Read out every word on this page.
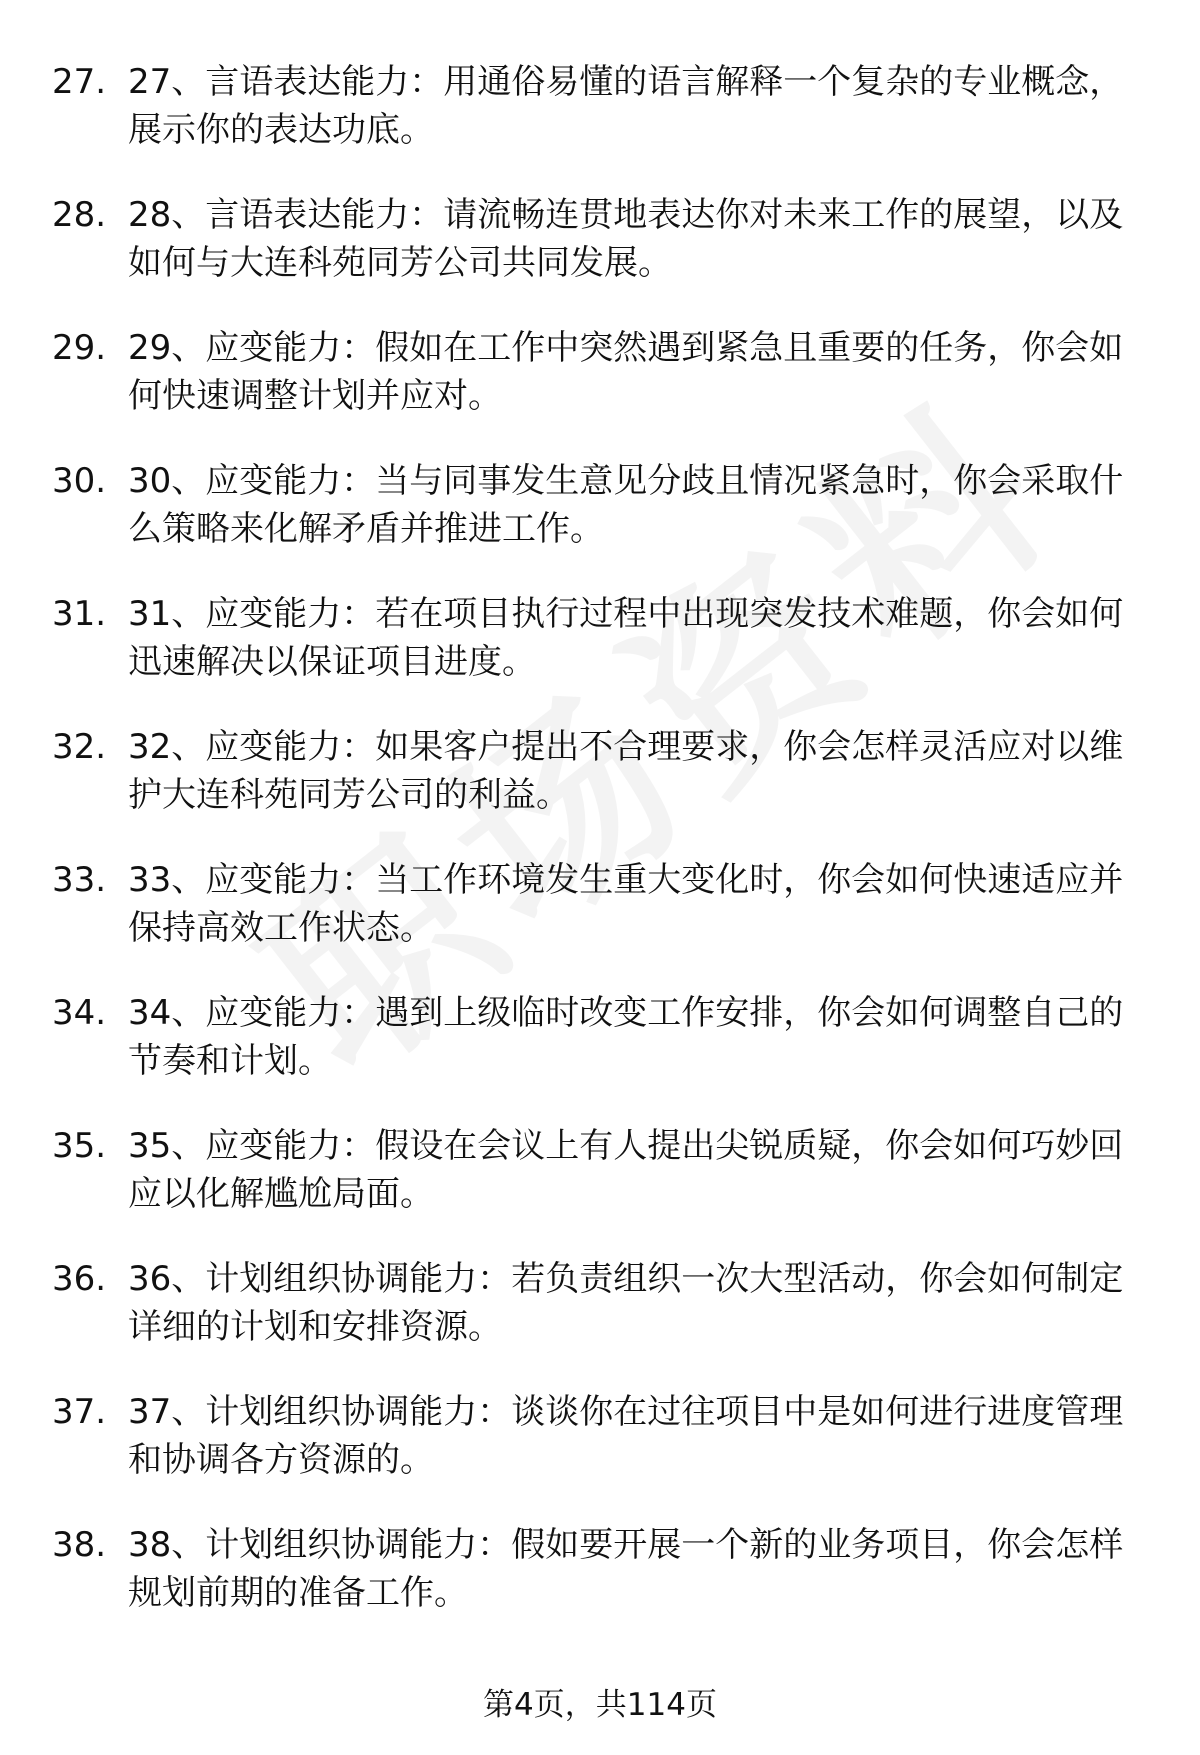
27. 27、言语表达能力：用通俗易懂的语言解释一个复杂的专业概念，展示你的表达功底。
28. 28、言语表达能力：请流畅连贯地表达你对未来工作的展望，以及如何与大连科苑同芳公司共同发展。
29. 29、应变能力：假如在工作中突然遇到紧急且重要的任务，你会如何快速调整计划并应对。
30. 30、应变能力：当与同事发生意见分歧且情况紧急时，你会采取什么策略来化解矛盾并推进工作。
31. 31、应变能力：若在项目执行过程中出现突发技术难题，你会如何迅速解决以保证项目进度。
32. 32、应变能力：如果客户提出不合理要求，你会怎样灵活应对以维护大连科苑同芳公司的利益。
33. 33、应变能力：当工作环境发生重大变化时，你会如何快速适应并保持高效工作状态。
34. 34、应变能力：遇到上级临时改变工作安排，你会如何调整自己的节奏和计划。
35. 35、应变能力：假设在会议上有人提出尖锐质疑，你会如何巧妙回应以化解尴尬局面。
36. 36、计划组织协调能力：若负责组织一次大型活动，你会如何制定详细的计划和安排资源。
37. 37、计划组织协调能力：谈谈你在过往项目中是如何进行进度管理和协调各方资源的。
38. 38、计划组织协调能力：假如要开展一个新的业务项目，你会怎样规划前期的准备工作。
第4页，共114页
